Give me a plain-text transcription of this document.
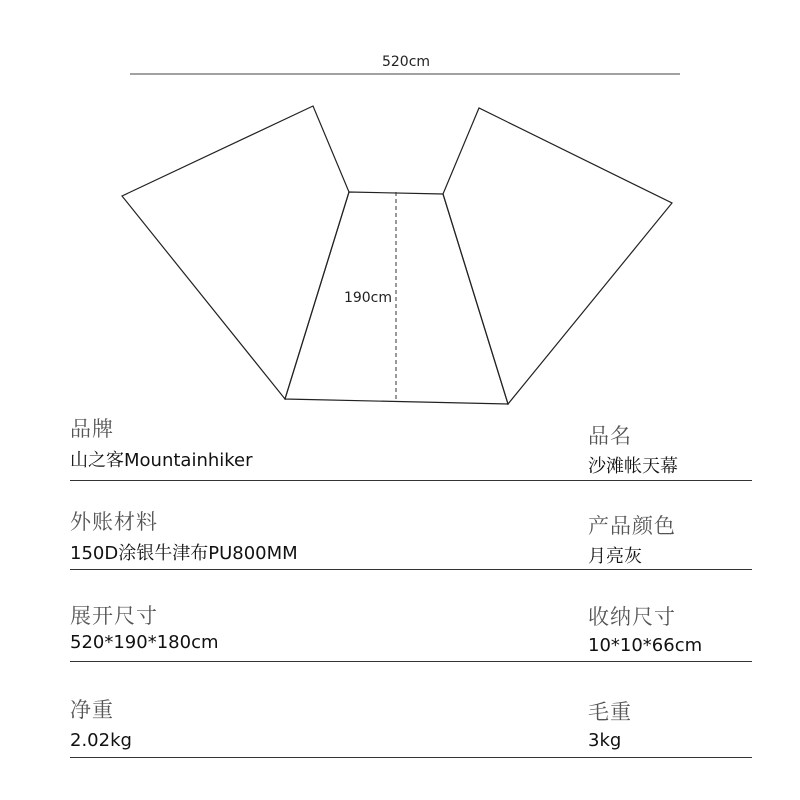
520cm
190cm
品牌
山之客Mountainhiker
品名
沙滩帐天幕
外账材料
150D涂银牛津布PU800MM
产品颜色
月亮灰
展开尺寸
520*190*180cm
收纳尺寸
10*10*66cm
净重
2.02kg
毛重
3kg
